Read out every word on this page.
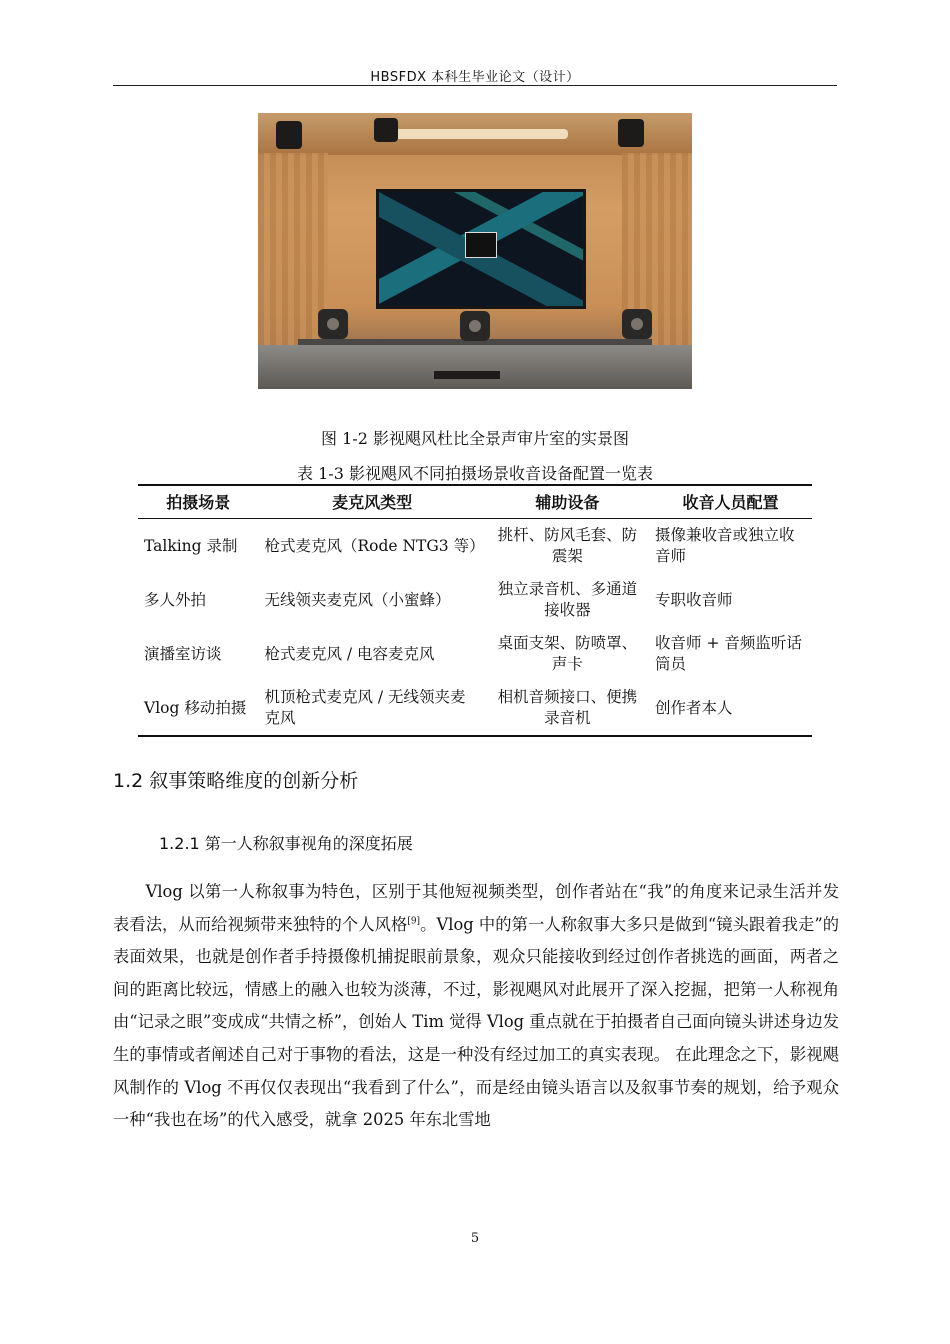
HBSFDX 本科生毕业论文（设计）
图 1-2 影视飓风杜比全景声审片室的实景图
表 1-3 影视飓风不同拍摄场景收音设备配置一览表
拍摄场景	麦克风类型	辅助设备	收音人员配置
Talking 录制	枪式麦克风（Rode NTG3 等）	挑杆、防风毛套、防震架	摄像兼收音或独立收音师
多人外拍	无线领夹麦克风（小蜜蜂）	独立录音机、多通道接收器	专职收音师
演播室访谈	枪式麦克风 / 电容麦克风	桌面支架、防喷罩、声卡	收音师 + 音频监听话筒员
Vlog 移动拍摄	机顶枪式麦克风 / 无线领夹麦克风	相机音频接口、便携录音机	创作者本人
1.2 叙事策略维度的创新分析
1.2.1 第一人称叙事视角的深度拓展
Vlog 以第一人称叙事为特色，区别于其他短视频类型，创作者站在“我”的角度来记录生活并发表看法，从而给视频带来独特的个人风格[9]。Vlog 中的第一人称叙事大多只是做到“镜头跟着我走”的表面效果，也就是创作者手持摄像机捕捉眼前景象，观众只能接收到经过创作者挑选的画面，两者之间的距离比较远，情感上的融入也较为淡薄，不过，影视飓风对此展开了深入挖掘，把第一人称视角由“记录之眼”变成成“共情之桥”，创始人 Tim 觉得 Vlog 重点就在于拍摄者自己面向镜头讲述身边发生的事情或者阐述自己对于事物的看法，这是一种没有经过加工的真实表现。 在此理念之下，影视飓风制作的 Vlog 不再仅仅表现出“我看到了什么”，而是经由镜头语言以及叙事节奏的规划，给予观众一种“我也在场”的代入感受，就拿 2025 年东北雪地
5
